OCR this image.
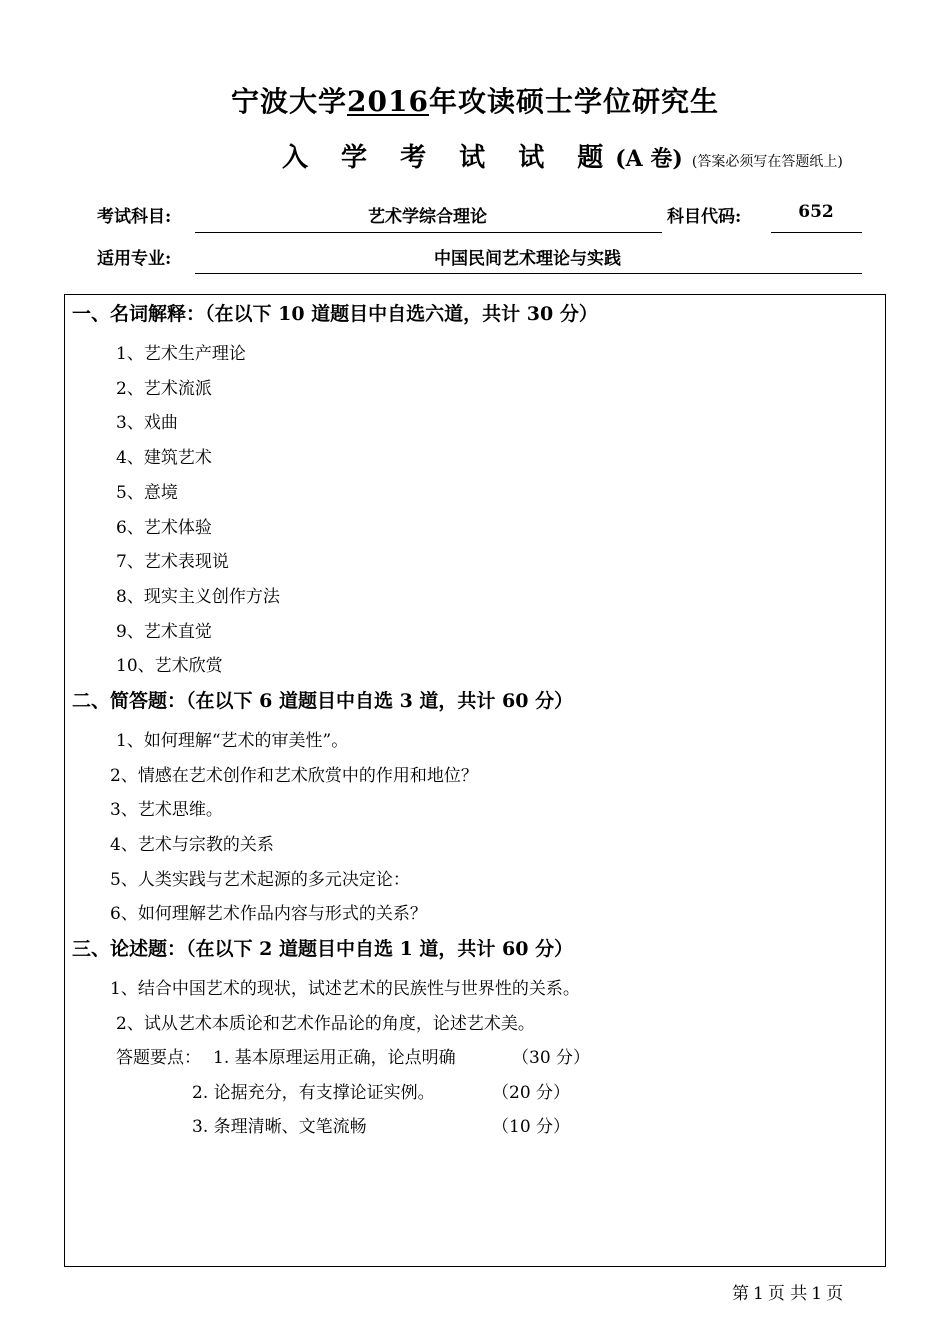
宁波大学2016年攻读硕士学位研究生
入 学 考 试 试 题(A 卷) (答案必须写在答题纸上)
考试科目:	艺术学综合理论	科目代码:	652
适用专业:	中国民间艺术理论与实践
一、名词解释：（在以下 10 道题目中自选六道，共计 30 分）
1、艺术生产理论
2、艺术流派
3、戏曲
4、建筑艺术
5、意境
6、艺术体验
7、艺术表现说
8、现实主义创作方法
9、艺术直觉
10、艺术欣赏
二、简答题：（在以下 6 道题目中自选 3 道，共计 60 分）
1、如何理解“艺术的审美性”。
2、情感在艺术创作和艺术欣赏中的作用和地位？
3、艺术思维。
4、艺术与宗教的关系
5、人类实践与艺术起源的多元决定论：
6、如何理解艺术作品内容与形式的关系？
三、论述题：（在以下 2 道题目中自选 1 道，共计 60 分）
1、结合中国艺术的现状，试述艺术的民族性与世界性的关系。
2、试从艺术本质论和艺术作品论的角度，论述艺术美。
答题要点： 1. 基本原理运用正确，论点明确	（30 分）
2. 论据充分，有支撑论证实例。	（20 分）
3. 条理清晰、文笔流畅	（10 分）
第 1 页 共 1 页
